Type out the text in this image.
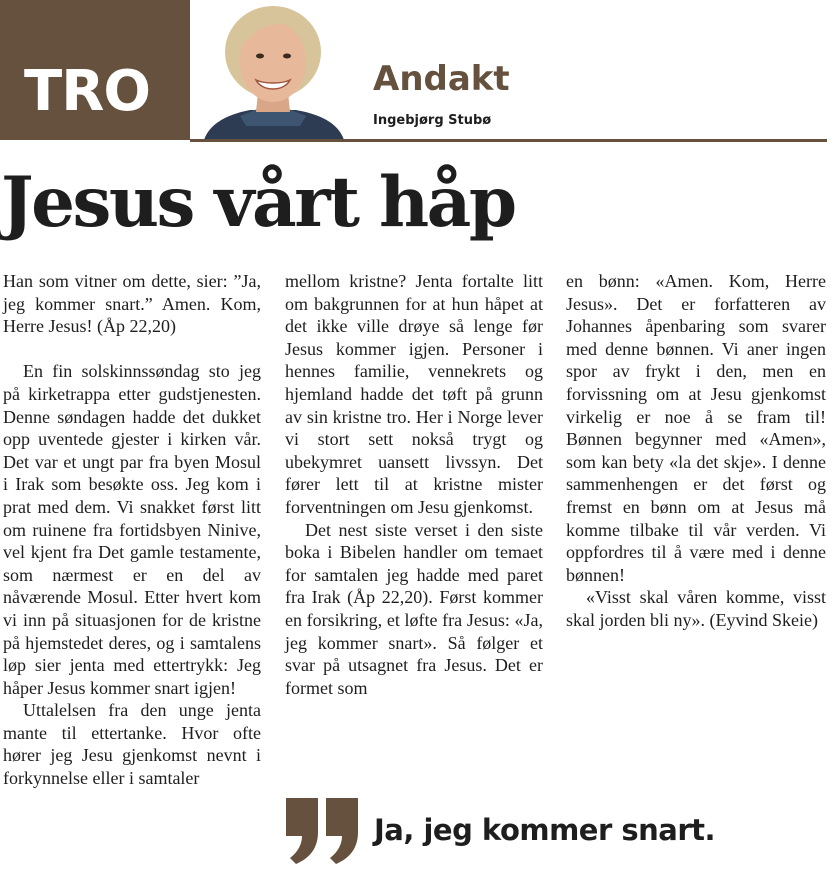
TRO	Andakt
Ingebjørg Stubø
Jesus vårt håp

Han som vitner om dette, sier: ”Ja, jeg kommer snart.” Amen. Kom, Herre Jesus! (Åp 22,20)

En fin solskinnssøndag sto jeg på kirketrappa etter gudstjenesten. Denne søndagen hadde det dukket opp uventede gjester i kirken vår. Det var et ungt par fra byen Mosul i Irak som besøkte oss. Jeg kom i prat med dem. Vi snakket først litt om ruinene fra fortidsbyen Ninive, vel kjent fra Det gamle testamente, som nærmest er en del av nåværende Mosul. Etter hvert kom vi inn på situasjonen for de kristne på hjemstedet deres, og i samtalens løp sier jenta med ettertrykk: Jeg håper Jesus kommer snart igjen!

Uttalelsen fra den unge jenta mante til ettertanke. Hvor ofte hører jeg Jesu gjenkomst nevnt i forkynnelse eller i samtaler

mellom kristne? Jenta fortalte litt om bakgrunnen for at hun håpet at det ikke ville drøye så lenge før Jesus kommer igjen. Personer i hennes familie, vennekrets og hjemland hadde det tøft på grunn av sin kristne tro. Her i Norge lever vi stort sett nokså trygt og ubekymret uansett livssyn. Det fører lett til at kristne mister forventningen om Jesu gjenkomst.

Det nest siste verset i den siste boka i Bibelen handler om temaet for samtalen jeg hadde med paret fra Irak (Åp 22,20). Først kommer en forsikring, et løfte fra Jesus: «Ja, jeg kommer snart». Så følger et svar på utsagnet fra Jesus. Det er formet som

en bønn: «Amen. Kom, Herre Jesus». Det er forfatteren av Johannes åpenbaring som svarer med denne bønnen. Vi aner ingen spor av frykt i den, men en forvissning om at Jesu gjenkomst virkelig er noe å se fram til! Bønnen begynner med «Amen», som kan bety «la det skje». I denne sammenhengen er det først og fremst en bønn om at Jesus må komme tilbake til vår verden. Vi oppfordres til å være med i denne bønnen!

«Visst skal våren komme, visst skal jorden bli ny». (Eyvind Skeie)

Ja, jeg kommer snart.
